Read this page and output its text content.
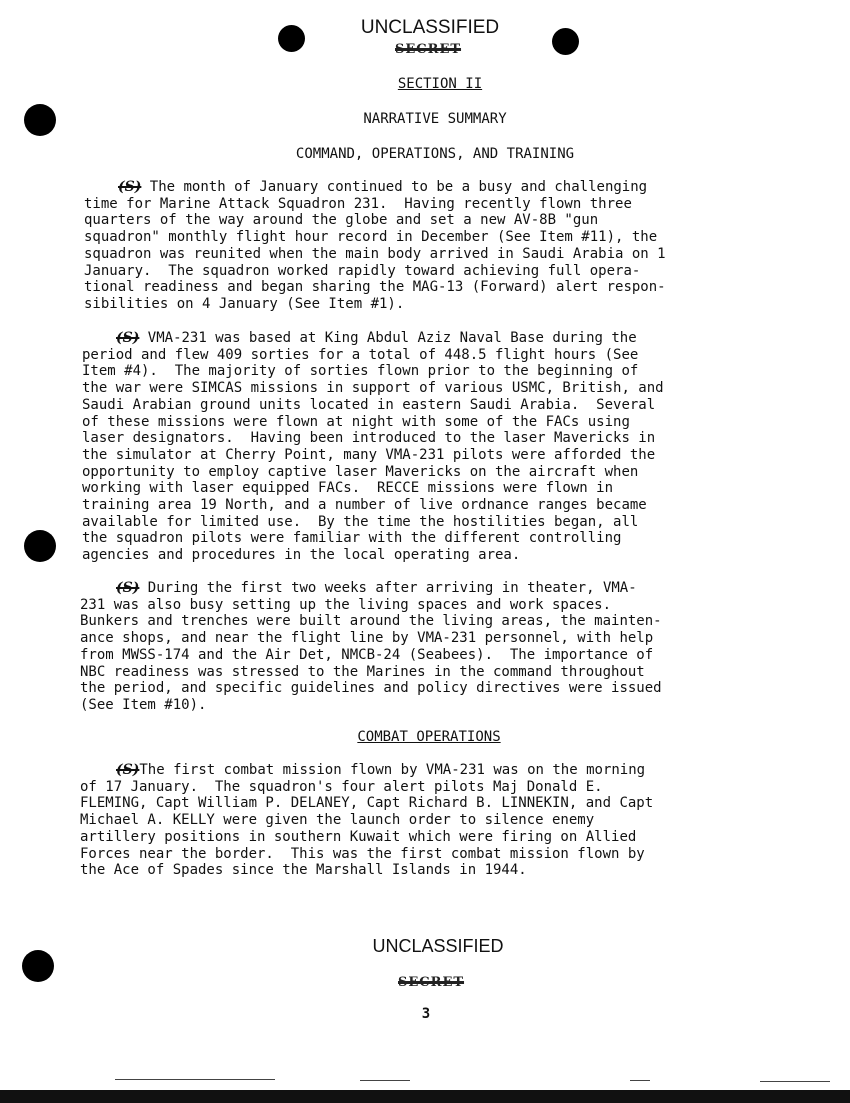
UNCLASSIFIED
SECRET
SECTION II
NARRATIVE SUMMARY
COMMAND, OPERATIONS, AND TRAINING
(S) The month of January continued to be a busy and challenging
time for Marine Attack Squadron 231.  Having recently flown three
quarters of the way around the globe and set a new AV-8B "gun
squadron" monthly flight hour record in December (See Item #11), the
squadron was reunited when the main body arrived in Saudi Arabia on 1
January.  The squadron worked rapidly toward achieving full opera-
tional readiness and began sharing the MAG-13 (Forward) alert respon-
sibilities on 4 January (See Item #1).
(S) VMA-231 was based at King Abdul Aziz Naval Base during the
period and flew 409 sorties for a total of 448.5 flight hours (See
Item #4).  The majority of sorties flown prior to the beginning of
the war were SIMCAS missions in support of various USMC, British, and
Saudi Arabian ground units located in eastern Saudi Arabia.  Several
of these missions were flown at night with some of the FACs using
laser designators.  Having been introduced to the laser Mavericks in
the simulator at Cherry Point, many VMA-231 pilots were afforded the
opportunity to employ captive laser Mavericks on the aircraft when
working with laser equipped FACs.  RECCE missions were flown in
training area 19 North, and a number of live ordnance ranges became
available for limited use.  By the time the hostilities began, all
the squadron pilots were familiar with the different controlling
agencies and procedures in the local operating area.
(S) During the first two weeks after arriving in theater, VMA-
231 was also busy setting up the living spaces and work spaces.
Bunkers and trenches were built around the living areas, the mainten-
ance shops, and near the flight line by VMA-231 personnel, with help
from MWSS-174 and the Air Det, NMCB-24 (Seabees).  The importance of
NBC readiness was stressed to the Marines in the command throughout
the period, and specific guidelines and policy directives were issued
(See Item #10).
COMBAT OPERATIONS
(S)The first combat mission flown by VMA-231 was on the morning
of 17 January.  The squadron's four alert pilots Maj Donald E.
FLEMING, Capt William P. DELANEY, Capt Richard B. LINNEKIN, and Capt
Michael A. KELLY were given the launch order to silence enemy
artillery positions in southern Kuwait which were firing on Allied
Forces near the border.  This was the first combat mission flown by
the Ace of Spades since the Marshall Islands in 1944.
UNCLASSIFIED
SECRET
3
